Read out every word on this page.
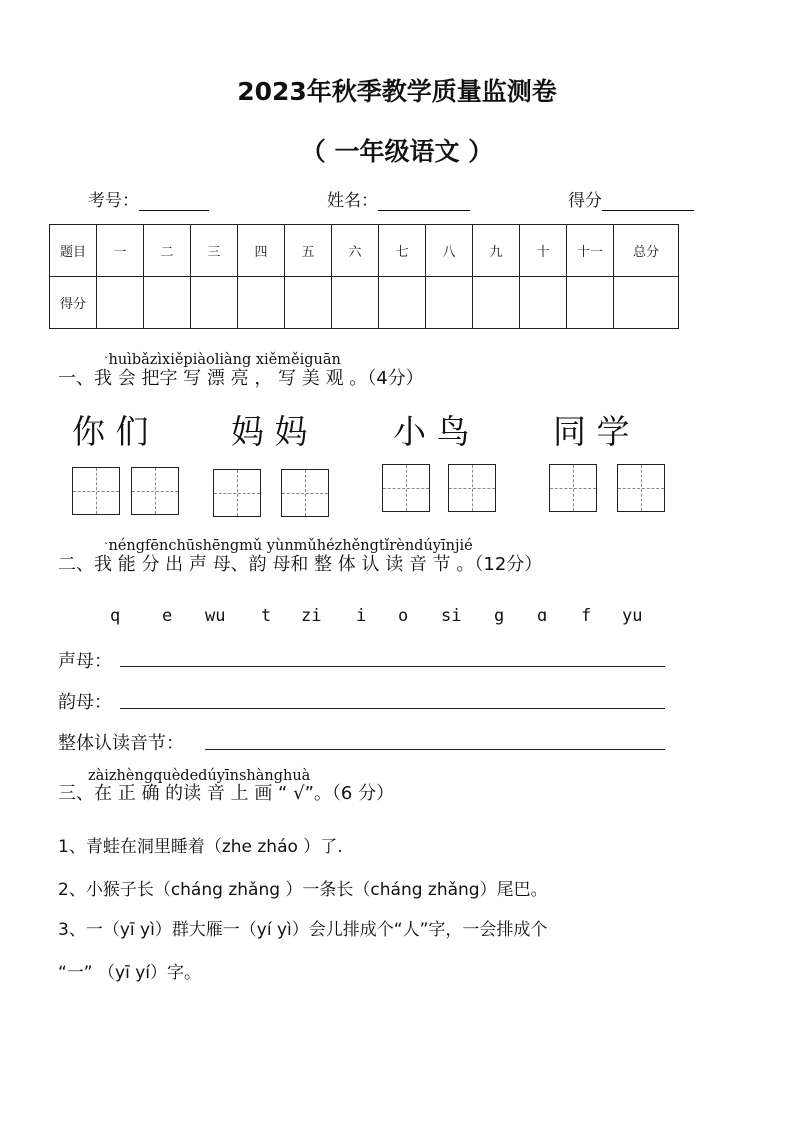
2023年秋季教学质量监测卷
（ 一年级语文 ）
考号：	姓名：	得分
题目	一	二	三	四	五	六	七	八	九	十	十一	总分
得分												
ˇhuìbǎzìxiěpiàoliàng xiěměiguān
一、我 会 把字 写 漂 亮 ， 写 美 观 。（4分）
你 们	妈 妈	小 鸟	同 学
ˇnéngfēnchūshēngmǔ yùnmǔhézhěngtǐrèndúyīnjié
二、我 能 分 出 声 母、韵 母和 整 体 认 读 音 节 。（12分）
q e wu t zi i o si g ɑ f yu
声母：
韵母：
整体认读音节：
zàizhèngquèdedúyīnshànghuà
三、在 正 确 的读 音 上 画 “ √”。（6 分）
1、青蛙在洞里睡着（zhe zháo ）了.
2、小猴子长（cháng zhǎng ）一条长（cháng zhǎng）尾巴。
3、一（yī yì）群大雁一（yí yì）会儿排成个“人”字，一会排成个
“一” （yī yí）字。
